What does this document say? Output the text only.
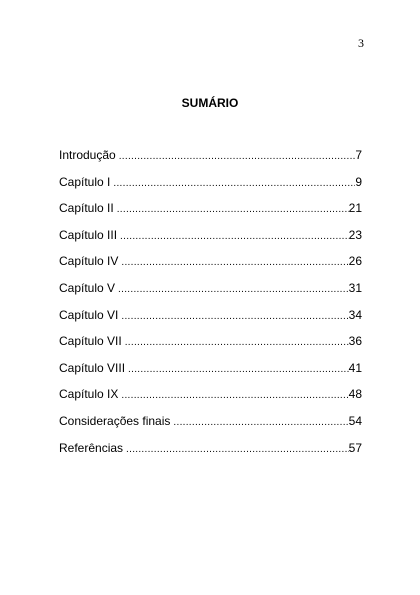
3
SUMÁRIO
Introdução .....	7
Capítulo I .....	9
Capítulo II .....	21
Capítulo III .....	23
Capítulo IV .....	26
Capítulo V .....	31
Capítulo VI .....	34
Capítulo VII .....	36
Capítulo VIII .....	41
Capítulo IX .....	48
Considerações finais .....	54
Referências .....	57
